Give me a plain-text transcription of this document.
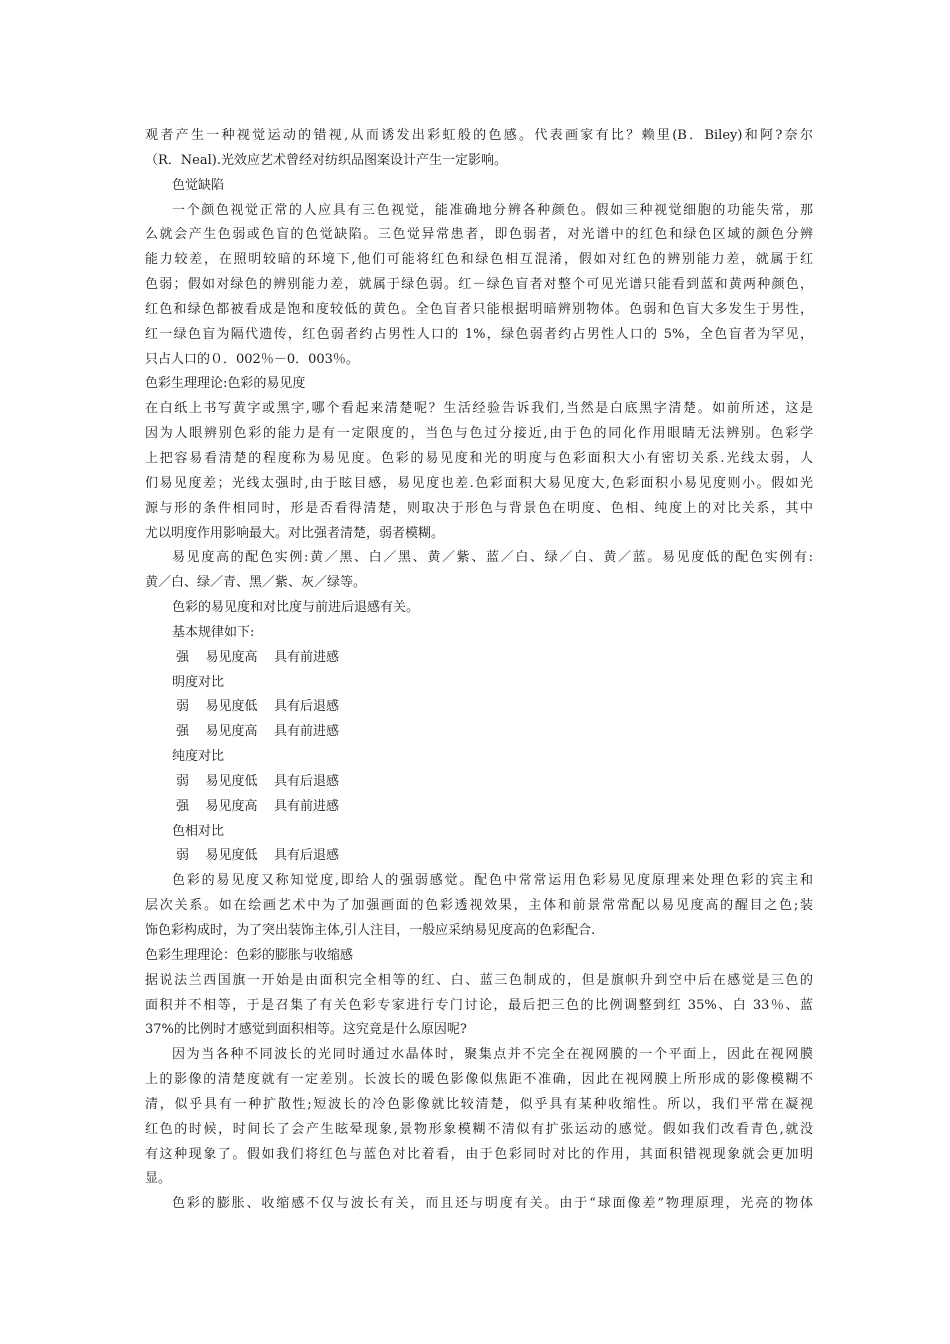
观者产生一种视觉运动的错视,从而诱发出彩虹般的色感。代表画家有比？赖里(B．Biley)和阿?奈尔
（R．Neal).光效应艺术曾经对纺织品图案设计产生一定影响。
色觉缺陷
一个颜色视觉正常的人应具有三色视觉，能准确地分辨各种颜色。假如三种视觉细胞的功能失常，那
么就会产生色弱或色盲的色觉缺陷。三色觉异常患者，即色弱者，对光谱中的红色和绿色区域的颜色分辨
能力较差，在照明较暗的环境下,他们可能将红色和绿色相互混淆，假如对红色的辨别能力差，就属于红
色弱；假如对绿色的辨别能力差，就属于绿色弱。红－绿色盲者对整个可见光谱只能看到蓝和黄两种颜色，
红色和绿色都被看成是饱和度较低的黄色。全色盲者只能根据明暗辨别物体。色弱和色盲大多发生于男性，
红一绿色盲为隔代遗传，红色弱者约占男性人口的 1%，绿色弱者约占男性人口的 5%，全色盲者为罕见，
只占人口的０．002％－0．003％。
色彩生理理论:色彩的易见度
在白纸上书写黄字或黑字,哪个看起来清楚呢？生活经验告诉我们,当然是白底黑字清楚。如前所述，这是
因为人眼辨别色彩的能力是有一定限度的，当色与色过分接近,由于色的同化作用眼睛无法辨别。色彩学
上把容易看清楚的程度称为易见度。色彩的易见度和光的明度与色彩面积大小有密切关系.光线太弱，人
们易见度差；光线太强时,由于眩目感，易见度也差.色彩面积大易见度大,色彩面积小易见度则小。假如光
源与形的条件相同时，形是否看得清楚，则取决于形色与背景色在明度、色相、纯度上的对比关系，其中
尤以明度作用影响最大。对比强者清楚，弱者模糊。
易见度高的配色实例:黄／黑、白／黑、黄／紫、蓝／白、绿／白、黄／蓝。易见度低的配色实例有:
黄／白、绿／青、黑／紫、灰／绿等。
色彩的易见度和对比度与前进后退感有关。
基本规律如下:
强    易见度高    具有前进感
明度对比
弱    易见度低    具有后退感
强    易见度高    具有前进感
纯度对比
弱    易见度低    具有后退感
强    易见度高    具有前进感
色相对比
弱    易见度低    具有后退感
色彩的易见度又称知觉度,即给人的强弱感觉。配色中常常运用色彩易见度原理来处理色彩的宾主和
层次关系。如在绘画艺术中为了加强画面的色彩透视效果，主体和前景常常配以易见度高的醒目之色;装
饰色彩构成时，为了突出装饰主体,引人注目，一般应采纳易见度高的色彩配合.
色彩生理理论：色彩的膨胀与收缩感
据说法兰西国旗一开始是由面积完全相等的红、白、蓝三色制成的，但是旗帜升到空中后在感觉是三色的
面积并不相等，于是召集了有关色彩专家进行专门讨论，最后把三色的比例调整到红 35%、白 33％、蓝
37%的比例时才感觉到面积相等。这究竟是什么原因呢?
因为当各种不同波长的光同时通过水晶体时，聚集点并不完全在视网膜的一个平面上，因此在视网膜
上的影像的清楚度就有一定差别。长波长的暖色影像似焦距不准确，因此在视网膜上所形成的影像模糊不
清，似乎具有一种扩散性;短波长的冷色影像就比较清楚，似乎具有某种收缩性。所以，我们平常在凝视
红色的时候，时间长了会产生眩晕现象,景物形象模糊不清似有扩张运动的感觉。假如我们改看青色,就没
有这种现象了。假如我们将红色与蓝色对比着看，由于色彩同时对比的作用，其面积错视现象就会更加明
显。
色彩的膨胀、收缩感不仅与波长有关，而且还与明度有关。由于“球面像差”物理原理，光亮的物体
